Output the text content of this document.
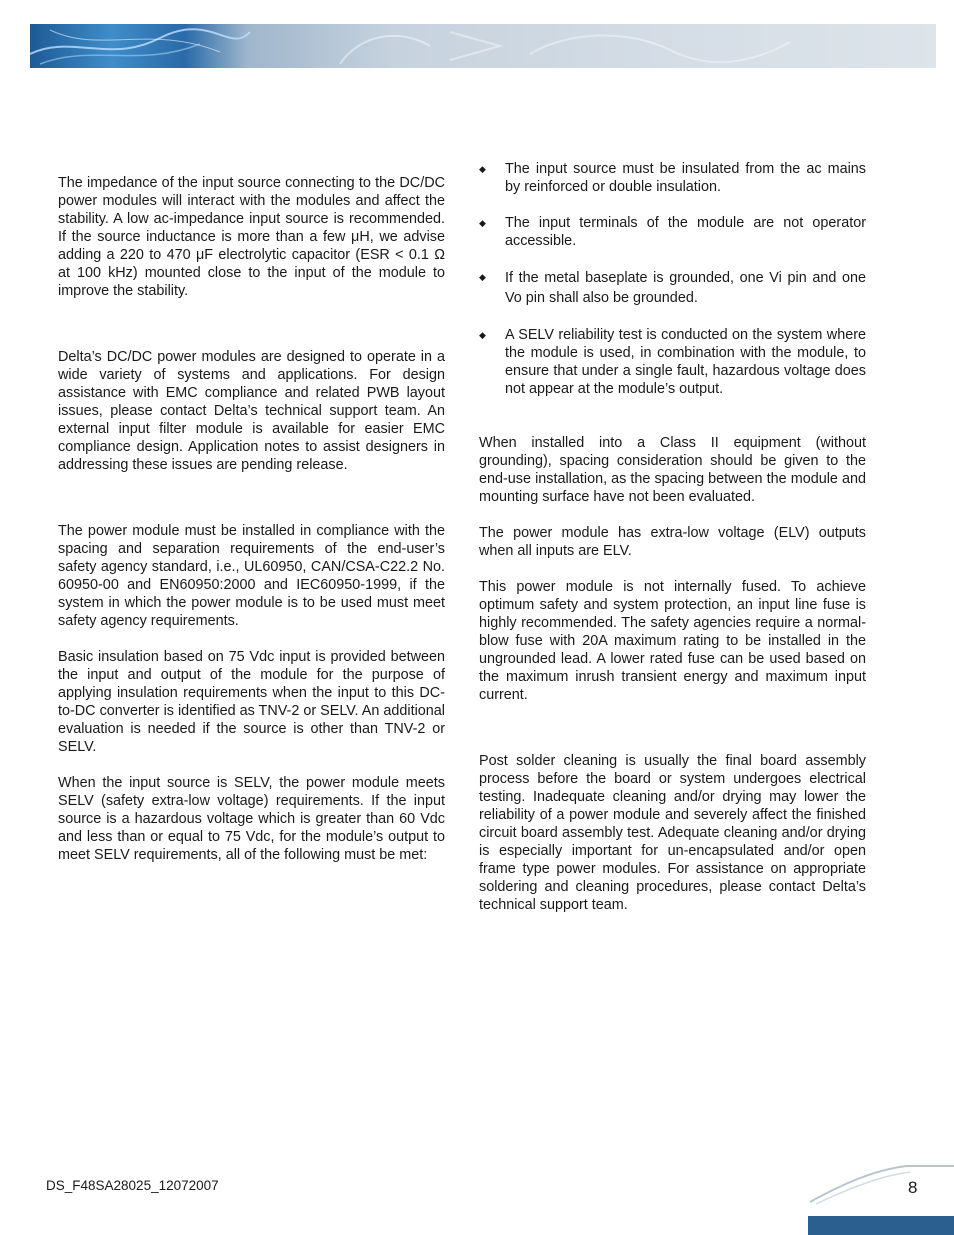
The impedance of the input source connecting to the DC/DC power modules will interact with the modules and affect the stability. A low ac-impedance input source is recommended. If the source inductance is more than a few μH, we advise adding a 220 to 470 μF electrolytic capacitor (ESR < 0.1 Ω at 100 kHz) mounted close to the input of the module to improve the stability.

Delta’s DC/DC power modules are designed to operate in a wide variety of systems and applications. For design assistance with EMC compliance and related PWB layout issues, please contact Delta’s technical support team. An external input filter module is available for easier EMC compliance design. Application notes to assist designers in addressing these issues are pending release.

The power module must be installed in compliance with the spacing and separation requirements of the end-user’s safety agency standard, i.e., UL60950, CAN/CSA-C22.2 No. 60950-00 and EN60950:2000 and IEC60950-1999, if the system in which the power module is to be used must meet safety agency requirements.

Basic insulation based on 75 Vdc input is provided between the input and output of the module for the purpose of applying insulation requirements when the input to this DC-to-DC converter is identified as TNV-2 or SELV. An additional evaluation is needed if the source is other than TNV-2 or SELV.

When the input source is SELV, the power module meets SELV (safety extra-low voltage) requirements. If the input source is a hazardous voltage which is greater than 60 Vdc and less than or equal to 75 Vdc, for the module’s output to meet SELV requirements, all of the following must be met:

◆ The input source must be insulated from the ac mains by reinforced or double insulation.
◆ The input terminals of the module are not operator accessible.
◆ If the metal baseplate is grounded, one Vi pin and one Vo pin shall also be grounded.
◆ A SELV reliability test is conducted on the system where the module is used, in combination with the module, to ensure that under a single fault, hazardous voltage does not appear at the module’s output.

When installed into a Class II equipment (without grounding), spacing consideration should be given to the end-use installation, as the spacing between the module and mounting surface have not been evaluated.

The power module has extra-low voltage (ELV) outputs when all inputs are ELV.

This power module is not internally fused. To achieve optimum safety and system protection, an input line fuse is highly recommended. The safety agencies require a normal-blow fuse with 20A maximum rating to be installed in the ungrounded lead. A lower rated fuse can be used based on the maximum inrush transient energy and maximum input current.

Post solder cleaning is usually the final board assembly process before the board or system undergoes electrical testing. Inadequate cleaning and/or drying may lower the reliability of a power module and severely affect the finished circuit board assembly test. Adequate cleaning and/or drying is especially important for un-encapsulated and/or open frame type power modules. For assistance on appropriate soldering and cleaning procedures, please contact Delta’s technical support team.

DS_F48SA28025_12072007	8
